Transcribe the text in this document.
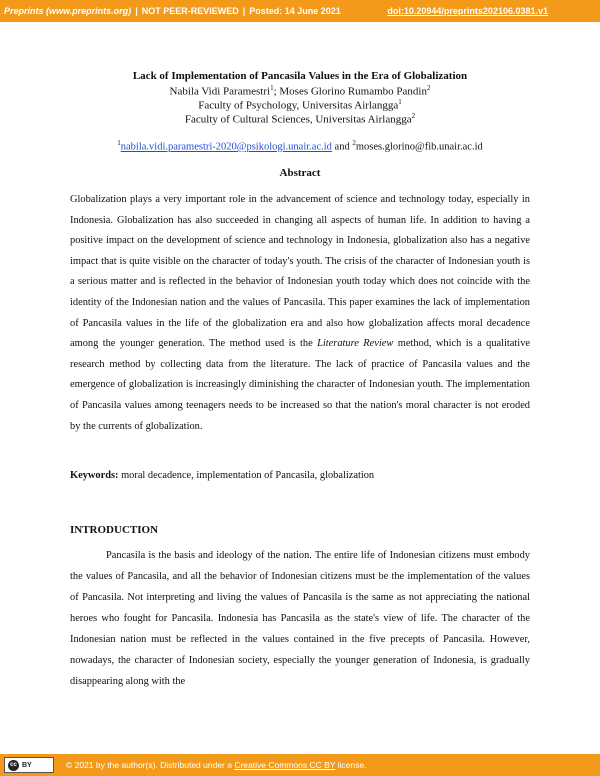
Preprints (www.preprints.org) | NOT PEER-REVIEWED | Posted: 14 June 2021	doi:10.20944/preprints202106.0381.v1
Lack of Implementation of Pancasila Values in the Era of Globalization
Nabila Vidi Paramestri$^1$; Moses Glorino Rumambo Pandin$^2$
Faculty of Psychology, Universitas Airlangga$^1$
Faculty of Cultural Sciences, Universitas Airlangga$^2$
$^1$nabila.vidi.paramestri-2020@psikologi.unair.ac.id and $^2$moses.glorino@fib.unair.ac.id
Abstract
Globalization plays a very important role in the advancement of science and technology today, especially in Indonesia. Globalization has also succeeded in changing all aspects of human life. In addition to having a positive impact on the development of science and technology in Indonesia, globalization also has a negative impact that is quite visible on the character of today's youth. The crisis of the character of Indonesian youth is a serious matter and is reflected in the behavior of Indonesian youth today which does not coincide with the identity of the Indonesian nation and the values of Pancasila. This paper examines the lack of implementation of Pancasila values in the life of the globalization era and also how globalization affects moral decadence among the younger generation. The method used is the Literature Review method, which is a qualitative research method by collecting data from the literature. The lack of practice of Pancasila values and the emergence of globalization is increasingly diminishing the character of Indonesian youth. The implementation of Pancasila values among teenagers needs to be increased so that the nation's moral character is not eroded by the currents of globalization.
Keywords: moral decadence, implementation of Pancasila, globalization
INTRODUCTION
Pancasila is the basis and ideology of the nation. The entire life of Indonesian citizens must embody the values of Pancasila, and all the behavior of Indonesian citizens must be the implementation of the values of Pancasila. Not interpreting and living the values of Pancasila is the same as not appreciating the national heroes who fought for Pancasila. Indonesia has Pancasila as the state's view of life. The character of the Indonesian nation must be reflected in the values contained in the five precepts of Pancasila. However, nowadays, the character of Indonesian society, especially the younger generation of Indonesia, is gradually disappearing along with the
cc BY	© 2021 by the author(s). Distributed under a Creative Commons CC BY license.
